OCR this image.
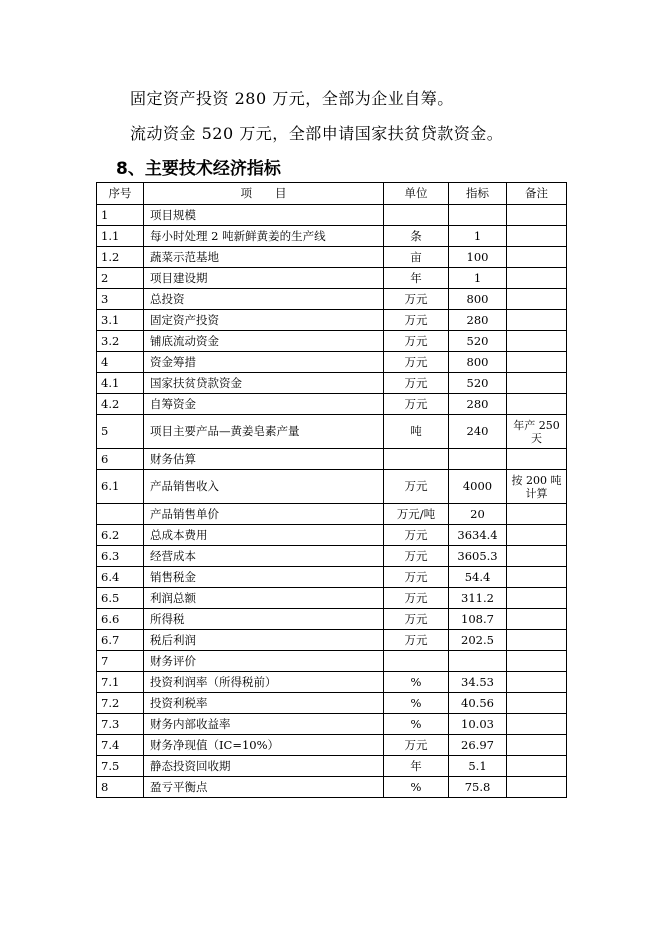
固定资产投资 280 万元，全部为企业自筹。
流动资金 520 万元，全部申请国家扶贫贷款资金。
8、主要技术经济指标
序号	项　　目	单位	指标	备注
1	项目规模			
1.1	每小时处理 2 吨新鲜黄姜的生产线	条	1	
1.2	蔬菜示范基地	亩	100	
2	项目建设期	年	1	
3	总投资	万元	800	
3.1	固定资产投资	万元	280	
3.2	铺底流动资金	万元	520	
4	资金筹措	万元	800	
4.1	国家扶贫贷款资金	万元	520	
4.2	自筹资金	万元	280	
5	项目主要产品—黄姜皂素产量	吨	240	年产 250 天
6	财务估算			
6.1	产品销售收入	万元	4000	按 200 吨计算
	产品销售单价	万元/吨	20	
6.2	总成本费用	万元	3634.4	
6.3	经营成本	万元	3605.3	
6.4	销售税金	万元	54.4	
6.5	利润总额	万元	311.2	
6.6	所得税	万元	108.7	
6.7	税后利润	万元	202.5	
7	财务评价			
7.1	投资利润率（所得税前）	%	34.53	
7.2	投资利税率	%	40.56	
7.3	财务内部收益率	%	10.03	
7.4	财务净现值（IC=10%）	万元	26.97	
7.5	静态投资回收期	年	5.1	
8	盈亏平衡点	%	75.8	
